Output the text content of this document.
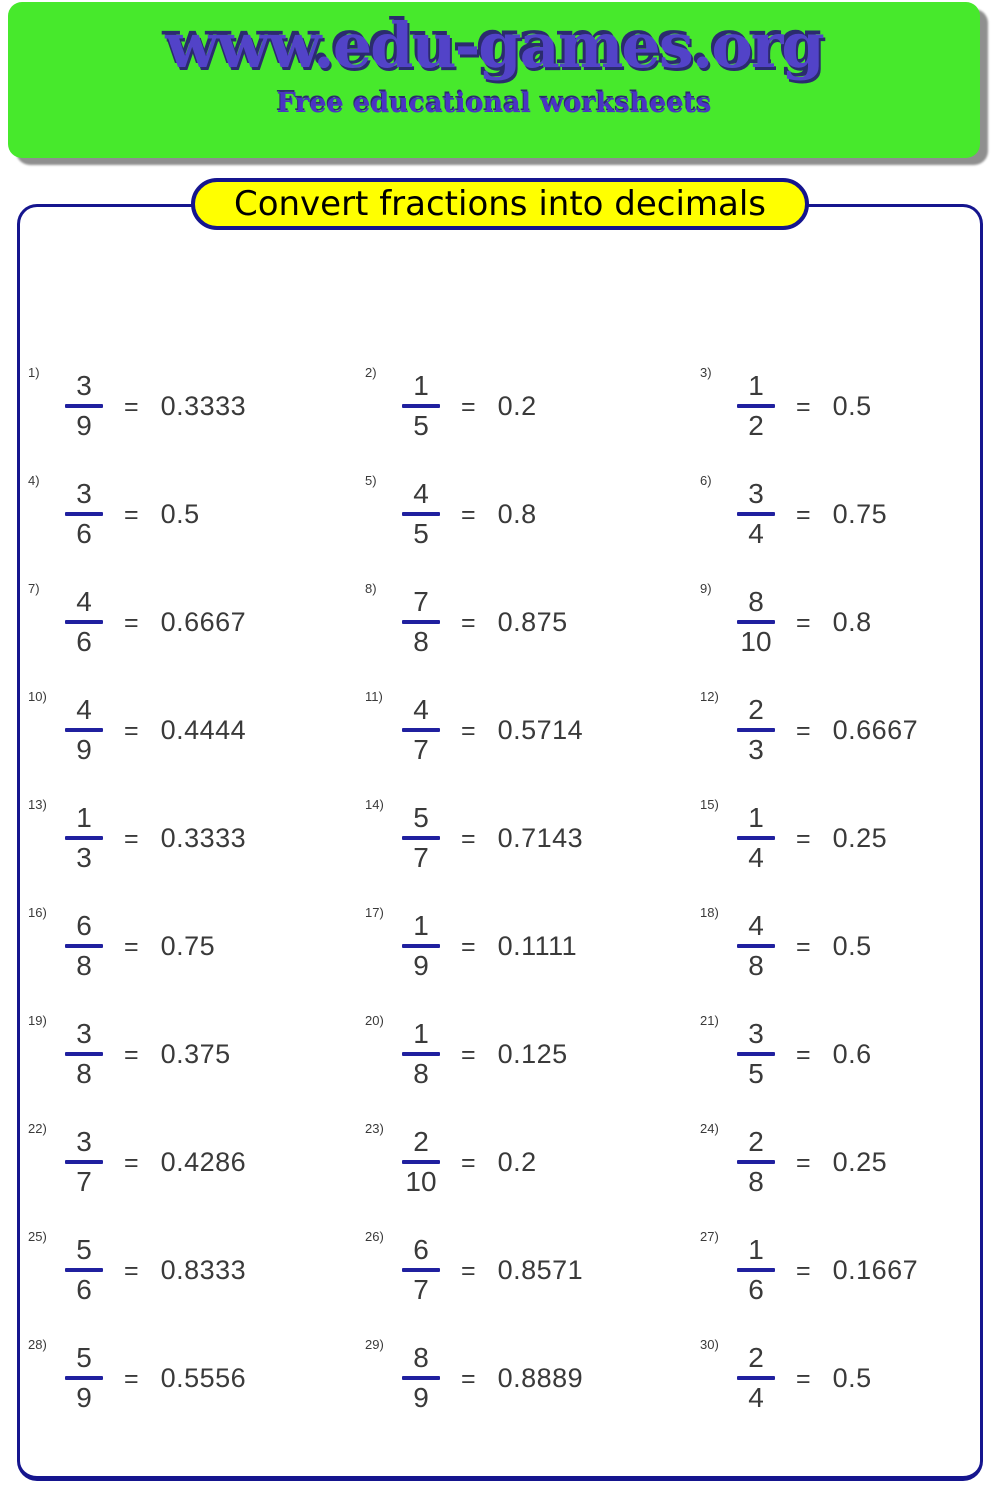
www.edu-games.org
Free educational worksheets
Convert fractions into decimals
$1) \frac{3}{9} = 0.3333$
$2) \frac{1}{5} = 0.2$
$3) \frac{1}{2} = 0.5$
$4) \frac{3}{6} = 0.5$
$5) \frac{4}{5} = 0.8$
$6) \frac{3}{4} = 0.75$
$7) \frac{4}{6} = 0.6667$
$8) \frac{7}{8} = 0.875$
$9) \frac{8}{10} = 0.8$
$10) \frac{4}{9} = 0.4444$
$11) \frac{4}{7} = 0.5714$
$12) \frac{2}{3} = 0.6667$
$13) \frac{1}{3} = 0.3333$
$14) \frac{5}{7} = 0.7143$
$15) \frac{1}{4} = 0.25$
$16) \frac{6}{8} = 0.75$
$17) \frac{1}{9} = 0.1111$
$18) \frac{4}{8} = 0.5$
$19) \frac{3}{8} = 0.375$
$20) \frac{1}{8} = 0.125$
$21) \frac{3}{5} = 0.6$
$22) \frac{3}{7} = 0.4286$
$23) \frac{2}{10} = 0.2$
$24) \frac{2}{8} = 0.25$
$25) \frac{5}{6} = 0.8333$
$26) \frac{6}{7} = 0.8571$
$27) \frac{1}{6} = 0.1667$
$28) \frac{5}{9} = 0.5556$
$29) \frac{8}{9} = 0.8889$
$30) \frac{2}{4} = 0.5$
